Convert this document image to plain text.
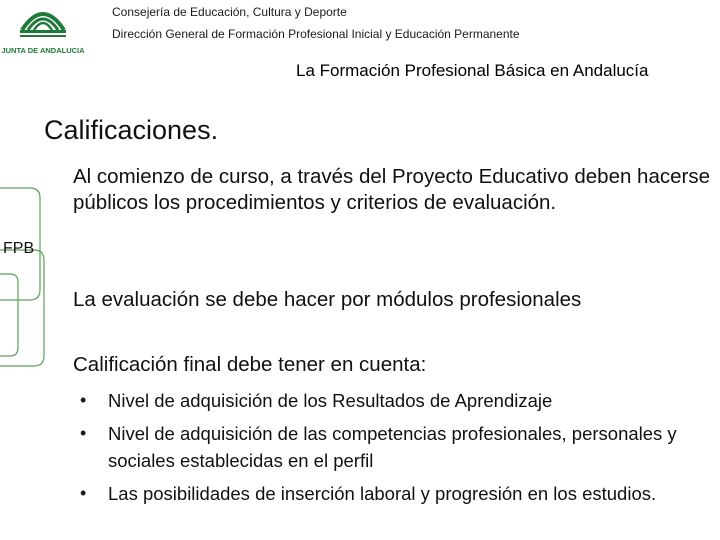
JUNTA DE ANDALUCIA
Consejería de Educación, Cultura y Deporte
Dirección General de Formación Profesional Inicial y Educación Permanente
La Formación Profesional Básica en Andalucía
Calificaciones.
FPB

Al comienzo de curso, a través del Proyecto Educativo deben hacerse públicos los procedimientos y criterios de evaluación.

La evaluación se debe hacer por módulos profesionales

Calificación final debe tener en cuenta:

• Nivel de adquisición de los Resultados de Aprendizaje
• Nivel de adquisición de las competencias profesionales, personales y sociales establecidas en el perfil
• Las posibilidades de inserción laboral y progresión en los estudios.
